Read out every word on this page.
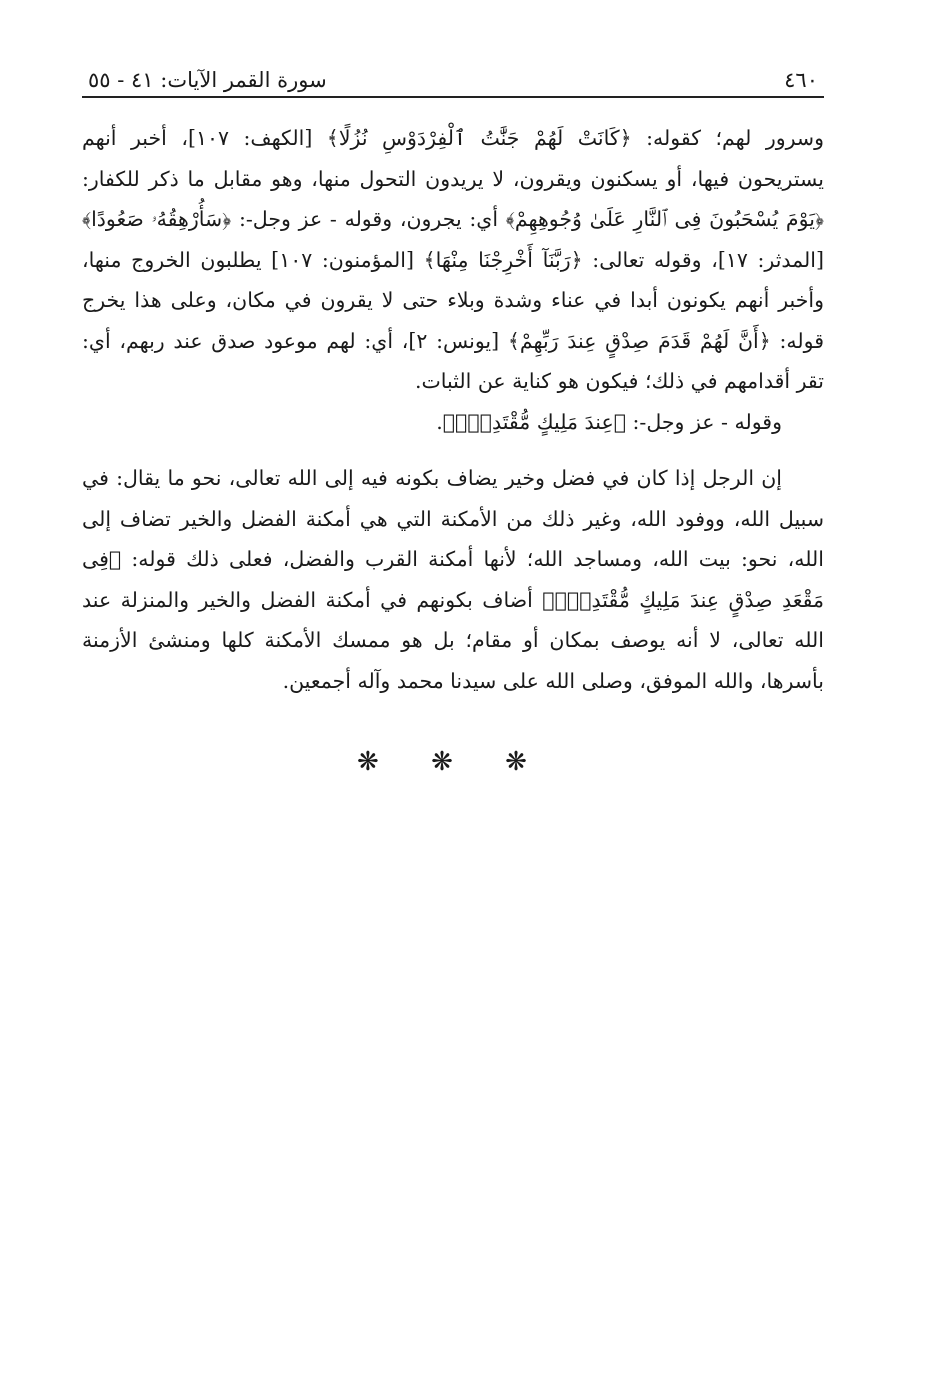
٤٦٠
سورة القمر الآيات: ٤١ - ٥٥

وسرور لهم؛ كقوله: ﴿كَانَتْ لَهُمْ جَنَّٰتُ ٱلْفِرْدَوْسِ نُزُلًا﴾ [الكهف: ١٠٧]، أخبر أنهم يستريحون فيها، أو يسكنون ويقرون، لا يريدون التحول منها، وهو مقابل ما ذكر للكفار: ﴿يَوْمَ يُسْحَبُونَ فِى ٱلنَّارِ عَلَىٰ وُجُوهِهِمْ﴾ أي: يجرون، وقوله - عز وجل-: ﴿سَأُرْهِقُهُۥ صَعُودًا﴾ [المدثر: ١٧]، وقوله تعالى: ﴿رَبَّنَآ أَخْرِجْنَا مِنْهَا﴾ [المؤمنون: ١٠٧] يطلبون الخروج منها، وأخبر أنهم يكونون أبدا في عناء وشدة وبلاء حتى لا يقرون في مكان، وعلى هذا يخرج قوله: ﴿أَنَّ لَهُمْ قَدَمَ صِدْقٍ عِندَ رَبِّهِمْ﴾ [يونس: ٢]، أي: لهم موعود صدق عند ربهم، أي: تقر أقدامهم في ذلك؛ فيكون هو كناية عن الثبات.

وقوله - عز وجل-: ﴿عِندَ مَلِيكٍ مُّقْتَدِرٍۭ﴾.

إن الرجل إذا كان في فضل وخير يضاف بكونه فيه إلى الله تعالى، نحو ما يقال: في سبيل الله، ووفود الله، وغير ذلك من الأمكنة التي هي أمكنة الفضل والخير تضاف إلى الله، نحو: بيت الله، ومساجد الله؛ لأنها أمكنة القرب والفضل، فعلى ذلك قوله: ﴿فِى مَقْعَدِ صِدْقٍ عِندَ مَلِيكٍ مُّقْتَدِرٍۭ﴾ أضاف بكونهم في أمكنة الفضل والخير والمنزلة عند الله تعالى، لا أنه يوصف بمكان أو مقام؛ بل هو ممسك الأمكنة كلها ومنشئ الأزمنة بأسرها، والله الموفق، وصلى الله على سيدنا محمد وآله أجمعين.

❋ ❋ ❋
